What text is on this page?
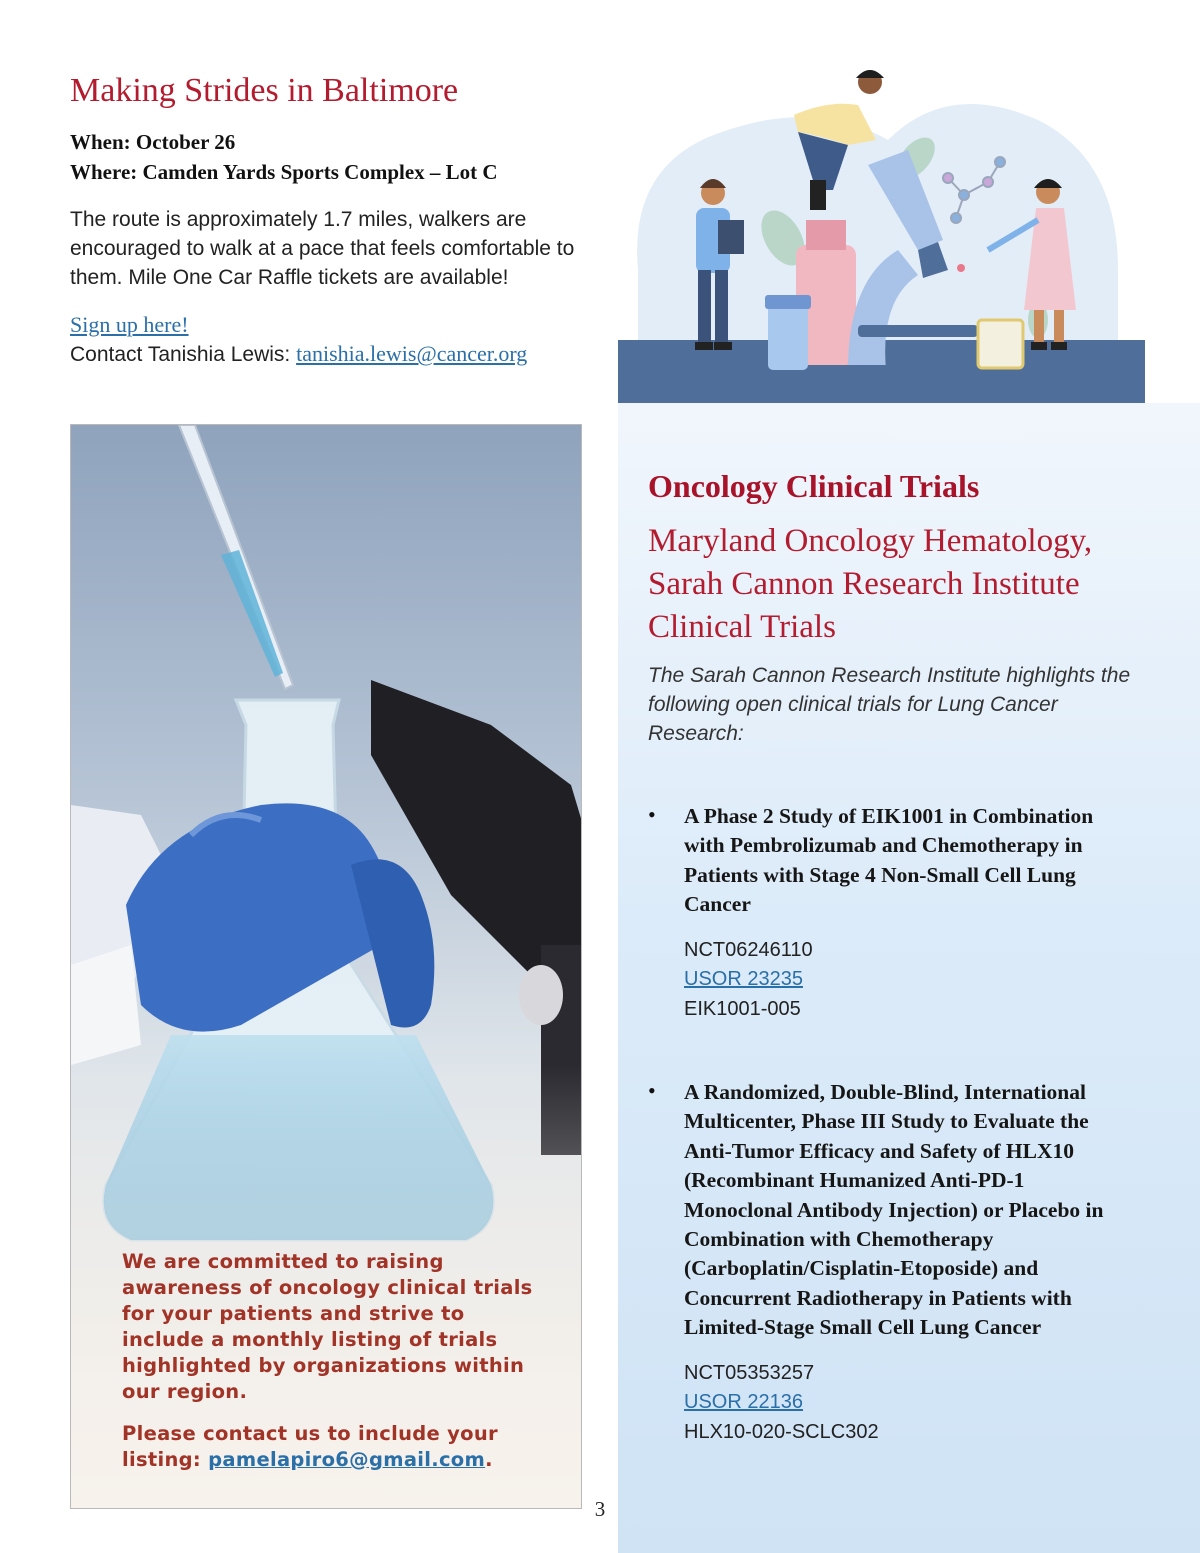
Making Strides in Baltimore

When: October 26

Where: Camden Yards Sports Complex – Lot C

The route is approximately 1.7 miles, walkers are encouraged to walk at a pace that feels comfortable to them. Mile One Car Raffle tickets are available!

Sign up here!
Contact Tanishia Lewis: tanishia.lewis@cancer.org

We are committed to raising awareness of oncology clinical trials for your patients and strive to include a monthly listing of trials highlighted by organizations within our region.

Please contact us to include your listing: pamelapiro6@gmail.com.

Oncology Clinical Trials
Maryland Oncology Hematology, Sarah Cannon Research Institute Clinical Trials

The Sarah Cannon Research Institute highlights the following open clinical trials for Lung Cancer Research:

• A Phase 2 Study of EIK1001 in Combination with Pembrolizumab and Chemotherapy in Patients with Stage 4 Non-Small Cell Lung Cancer

NCT06246110
USOR 23235
EIK1001-005
• A Randomized, Double-Blind, International Multicenter, Phase III Study to Evaluate the Anti-Tumor Efficacy and Safety of HLX10 (Recombinant Humanized Anti-PD-1 Monoclonal Antibody Injection) or Placebo in Combination with Chemotherapy (Carboplatin/Cisplatin-Etoposide) and Concurrent Radiotherapy in Patients with Limited-Stage Small Cell Lung Cancer

NCT05353257
USOR 22136
HLX10-020-SCLC302
3
